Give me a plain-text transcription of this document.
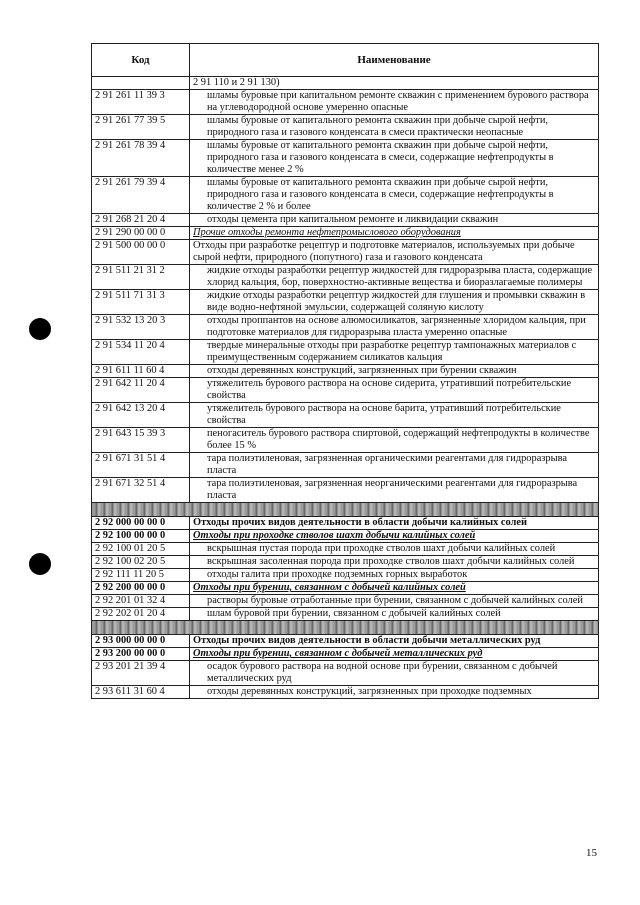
Код	Наименование

	2 91 110 и 2 91 130)

2 91 261 11 39 3	шламы буровые при капитальном ремонте скважин с применением бурового раствора на углеводородной основе умеренно опасные

2 91 261 77 39 5	шламы буровые от капитального ремонта скважин при добыче сырой нефти, природного газа и газового конденсата в смеси практически неопасные

2 91 261 78 39 4	шламы буровые от капитального ремонта скважин при добыче сырой нефти, природного газа и газового конденсата в смеси, содержащие нефтепродукты в количестве менее 2 %

2 91 261 79 39 4	шламы буровые от капитального ремонта скважин при добыче сырой нефти, природного газа и газового конденсата в смеси, содержащие нефтепродукты в количестве 2 % и более

2 91 268 21 20 4	отходы цемента при капитальном ремонте и ликвидации скважин

2 91 290 00 00 0	Прочие отходы ремонта нефтепромыслового оборудования

2 91 500 00 00 0	Отходы при разработке рецептур и подготовке материалов, используемых при добыче сырой нефти, природного (попутного) газа и газового конденсата

2 91 511 21 31 2	жидкие отходы разработки рецептур жидкостей для гидроразрыва пласта, содержащие хлорид кальция, бор, поверхностно-активные вещества и биоразлагаемые полимеры

2 91 511 71 31 3	жидкие отходы разработки рецептур жидкостей для глушения и промывки скважин в виде водно-нефтяной эмульсии, содержащей соляную кислоту

2 91 532 13 20 3	отходы проппантов на основе алюмосиликатов, загрязненные хлоридом кальция, при подготовке материалов для гидроразрыва пласта умеренно опасные

2 91 534 11 20 4	твердые минеральные отходы при разработке рецептур тампонажных материалов с преимущественным содержанием силикатов кальция

2 91 611 11 60 4	отходы деревянных конструкций, загрязненных при бурении скважин

2 91 642 11 20 4	утяжелитель бурового раствора на основе сидерита, утративший потребительские свойства

2 91 642 13 20 4	утяжелитель бурового раствора на основе барита, утративший потребительские свойства

2 91 643 15 39 3	пеногаситель бурового раствора спиртовой, содержащий нефтепродукты в количестве более 15 %

2 91 671 31 51 4	тара полиэтиленовая, загрязненная органическими реагентами для гидроразрыва пласта

2 91 671 32 51 4	тара полиэтиленовая, загрязненная неорганическими реагентами для гидроразрыва пласта

2 92 000 00 00 0	Отходы прочих видов деятельности в области добычи калийных солей

2 92 100 00 00 0	Отходы при проходке стволов шахт добычи калийных солей

2 92 100 01 20 5	вскрышная пустая порода при проходке стволов шахт добычи калийных солей

2 92 100 02 20 5	вскрышная засоленная порода при проходке стволов шахт добычи калийных солей

2 92 111 11 20 5	отходы галита при проходке подземных горных выработок

2 92 200 00 00 0	Отходы при бурении, связанном с добычей калийных солей

2 92 201 01 32 4	растворы буровые отработанные при бурении, связанном с добычей калийных солей

2 92 202 01 20 4	шлам буровой при бурении, связанном с добычей калийных солей

2 93 000 00 00 0	Отходы прочих видов деятельности в области добычи металлических руд

2 93 200 00 00 0	Отходы при бурении, связанном с добычей металлических руд

2 93 201 21 39 4	осадок бурового раствора на водной основе при бурении, связанном с добычей металлических руд

2 93 611 31 60 4	отходы деревянных конструкций, загрязненных при проходке подземных
15
